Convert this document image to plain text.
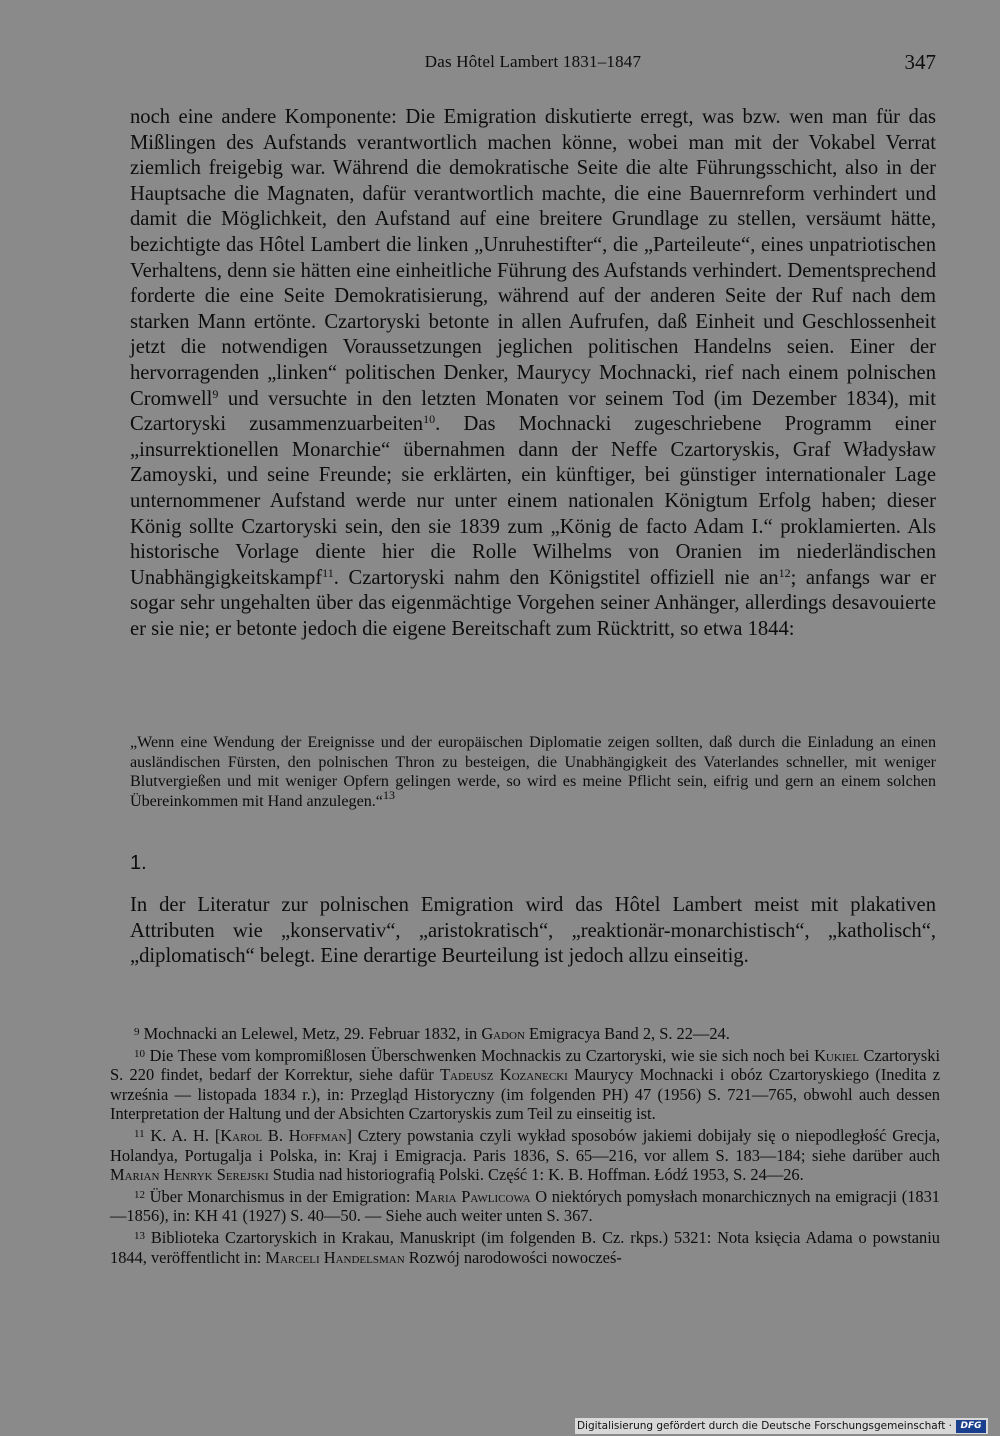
Das Hôtel Lambert 1831–1847	347
noch eine andere Komponente: Die Emigration diskutierte erregt, was bzw. wen man für das Mißlingen des Aufstands verantwortlich machen könne, wobei man mit der Vokabel Verrat ziemlich freigebig war. Während die demokratische Seite die alte Führungsschicht, also in der Hauptsache die Magnaten, dafür verantwortlich machte, die eine Bauernreform verhindert und damit die Möglichkeit, den Aufstand auf eine breitere Grundlage zu stellen, versäumt hätte, bezichtigte das Hôtel Lambert die linken „Unruhestifter“, die „Parteileute“, eines unpatriotischen Verhaltens, denn sie hätten eine einheitliche Führung des Aufstands verhindert. Dementsprechend forderte die eine Seite Demokratisierung, während auf der anderen Seite der Ruf nach dem starken Mann ertönte. Czartoryski betonte in allen Aufrufen, daß Einheit und Geschlossenheit jetzt die notwendigen Voraussetzungen jeglichen politischen Handelns seien. Einer der hervorragenden „linken“ politischen Denker, Maurycy Mochnacki, rief nach einem polnischen Cromwell$^9$ und versuchte in den letzten Monaten vor seinem Tod (im Dezember 1834), mit Czartoryski zusammenzuarbeiten$^{10}$. Das Mochnacki zugeschriebene Programm einer „insurrektionellen Monarchie“ übernahmen dann der Neffe Czartoryskis, Graf Władysław Zamoyski, und seine Freunde; sie erklärten, ein künftiger, bei günstiger internationaler Lage unternommener Aufstand werde nur unter einem nationalen Königtum Erfolg haben; dieser König sollte Czartoryski sein, den sie 1839 zum „König de facto Adam I.“ proklamierten. Als historische Vorlage diente hier die Rolle Wilhelms von Oranien im niederländischen Unabhängigkeitskampf$^{11}$. Czartoryski nahm den Königstitel offiziell nie $an^{12}$; anfangs war er sogar sehr ungehalten über das eigenmächtige Vorgehen seiner Anhänger, allerdings desavouierte er sie nie; er betonte jedoch die eigene Bereitschaft zum Rücktritt, so etwa 1844:
„Wenn eine Wendung der Ereignisse und der europäischen Diplomatie zeigen sollten, daß durch die Einladung an einen ausländischen Fürsten, den polnischen Thron zu besteigen, die Unabhängigkeit des Vaterlandes schneller, mit weniger Blutvergießen und mit weniger Opfern gelingen werde, so wird es meine Pflicht sein, eifrig und gern an einem solchen Übereinkommen mit Hand anzulegen.“$^{13}$
1.
In der Literatur zur polnischen Emigration wird das Hôtel Lambert meist mit plakativen Attributen wie „konservativ“, „aristokratisch“, „reaktionär-monarchistisch“, „katholisch“, „diplomatisch“ belegt. Eine derartige Beurteilung ist jedoch allzu einseitig.

$^9$ Mochnacki an Lelewel, Metz, 29. Februar 1832, in Gadon Emigracya Band 2, S. 22—24.

$^{10}$ Die These vom kompromißlosen Überschwenken Mochnackis zu Czartoryski, wie sie sich noch bei Kukiel Czartoryski S. 220 findet, bedarf der Korrektur, siehe dafür Tadeusz Kozanecki Maurycy Mochnacki i obóz Czartoryskiego (Inedita z września — listopada 1834 r.), in: Przegląd Historyczny (im folgenden PH) 47 (1956) S. 721—765, obwohl auch dessen Interpretation der Haltung und der Absichten Czartoryskis zum Teil zu einseitig ist.

$^{11}$ K. A. H. [Karol B. Hoffman] Cztery powstania czyli wykład sposobów jakiemi dobijały się o niepodległość Grecja, Holandya, Portugalja i Polska, in: Kraj i Emigracja. Paris 1836, S. 65—216, vor allem S. 183—184; siehe darüber auch Marian Henryk Serejski Studia nad historiografią Polski. Część 1: K. B. Hoffman. Łódź 1953, S. 24—26.

$^{12}$ Über Monarchismus in der Emigration: Maria Pawlicowa O niektórych pomysłach monarchicznych na emigracji (1831—1856), in: KH 41 (1927) S. 40—50. — Siehe auch weiter unten S. 367.

$^{13}$ Biblioteka Czartoryskich in Krakau, Manuskript (im folgenden B. Cz. rkps.) 5321: Nota księcia Adama o powstaniu 1844, veröffentlicht in: Marceli Handelsman Rozwój narodowości nowocześ-

Digitalisierung gefördert durch die Deutsche Forschungsgemeinschaft · DFG
